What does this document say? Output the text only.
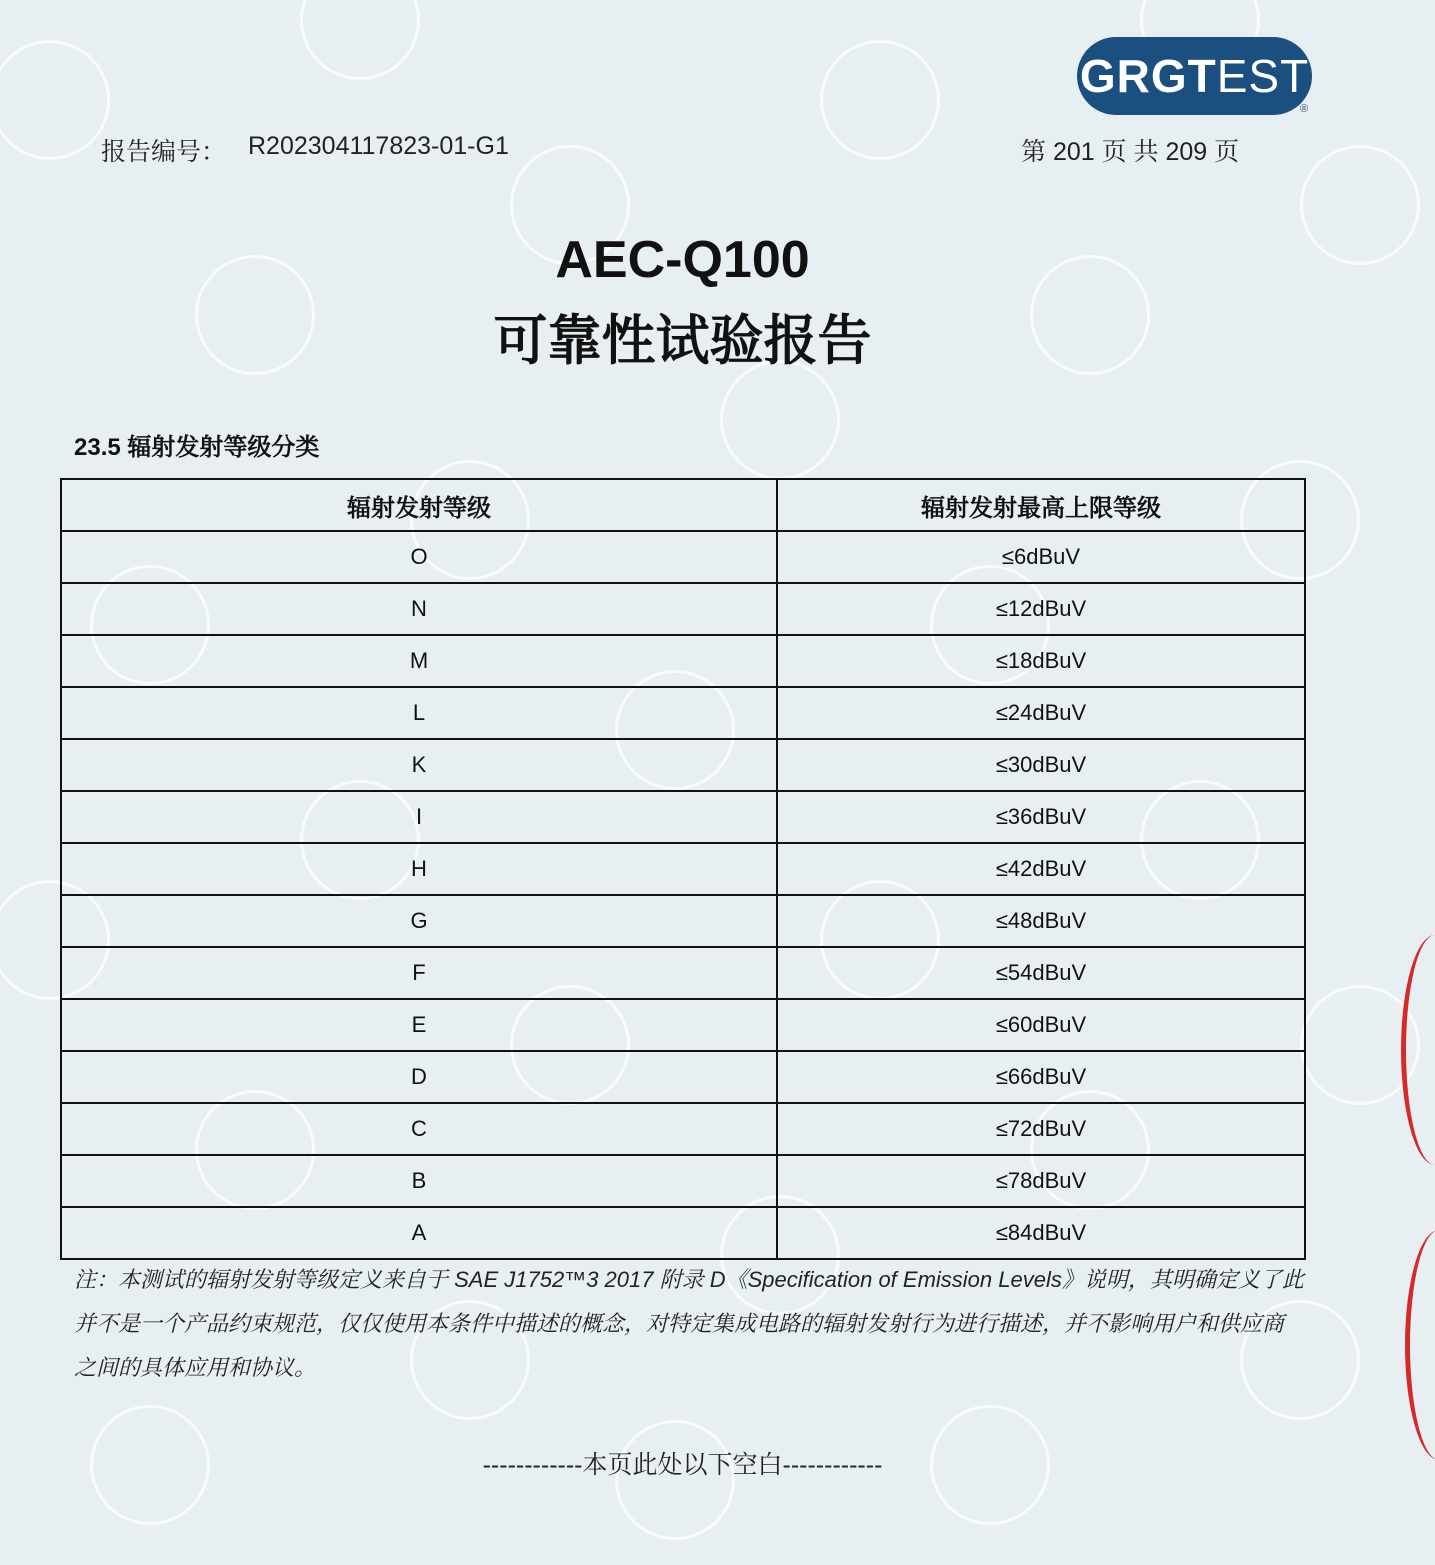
GRGT EST
®
报告编号： R202304117823-01-G1	第 201 页 共 209 页
AEC-Q100
可靠性试验报告
23.5 辐射发射等级分类
辐射发射等级	辐射发射最高上限等级
O	≤6dBuV
N	≤12dBuV
M	≤18dBuV
L	≤24dBuV
K	≤30dBuV
I	≤36dBuV
H	≤42dBuV
G	≤48dBuV
F	≤54dBuV
E	≤60dBuV
D	≤66dBuV
C	≤72dBuV
B	≤78dBuV
A	≤84dBuV
注：本测试的辐射发射等级定义来自于 SAE J1752™3 2017 附录 D《Specification of Emission Levels》说明，其明确定义了此并不是一个产品约束规范，仅仅使用本条件中描述的概念，对特定集成电路的辐射发射行为进行描述，并不影响用户和供应商之间的具体应用和协议。
------------本页此处以下空白------------
